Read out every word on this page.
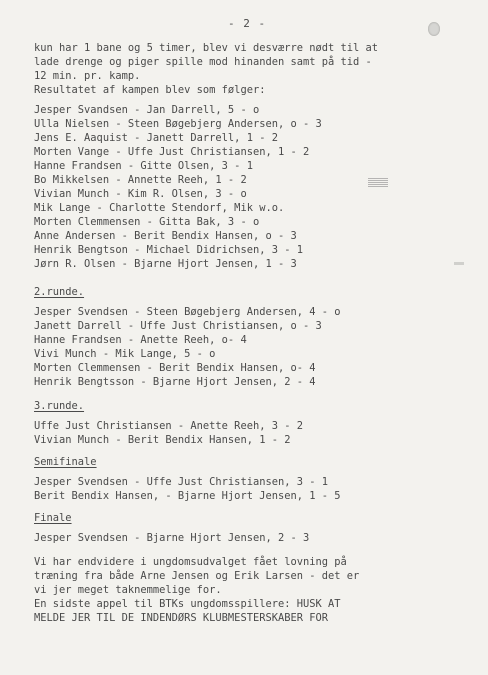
- 2 -
kun har 1 bane og 5 timer, blev vi desværre nødt til at
lade drenge og piger spille mod hinanden samt på tid -
12 min. pr. kamp.
Resultatet af kampen blev som følger:
Jesper Svandsen - Jan Darrell, 5 - o
Ulla Nielsen - Steen Bøgebjerg Andersen, o - 3
Jens E. Aaquist - Janett Darrell, 1 - 2
Morten Vange - Uffe Just Christiansen, 1 - 2
Hanne Frandsen - Gitte Olsen, 3 - 1
Bo Mikkelsen - Annette Reeh, 1 - 2
Vivian Munch - Kim R. Olsen, 3 - o
Mik Lange - Charlotte Stendorf, Mik w.o.
Morten Clemmensen - Gitta Bak, 3 - o
Anne Andersen - Berit Bendix Hansen, o - 3
Henrik Bengtson - Michael Didrichsen, 3 - 1
Jørn R. Olsen - Bjarne Hjort Jensen, 1 - 3
2.runde.
Jesper Svendsen - Steen Bøgebjerg Andersen, 4 - o
Janett Darrell - Uffe Just Christiansen, o - 3
Hanne Frandsen - Anette Reeh, o- 4
Vivi Munch - Mik Lange, 5 - o
Morten Clemmensen - Berit Bendix Hansen, o- 4
Henrik Bengtsson - Bjarne Hjort Jensen, 2 - 4
3.runde.
Uffe Just Christiansen - Anette Reeh, 3 - 2
Vivian Munch - Berit Bendix Hansen, 1 - 2
Semifinale
Jesper Svendsen - Uffe Just Christiansen, 3 - 1
Berit Bendix Hansen, - Bjarne Hjort Jensen, 1 - 5
Finale
Jesper Svendsen - Bjarne Hjort Jensen, 2 - 3
Vi har endvidere i ungdomsudvalget fået lovning på
træning fra både Arne Jensen og Erik Larsen - det er
vi jer meget taknemmelige for.
En sidste appel til BTKs ungdomsspillere: HUSK AT
MELDE JER TIL DE INDENDØRS KLUBMESTERSKABER FOR
